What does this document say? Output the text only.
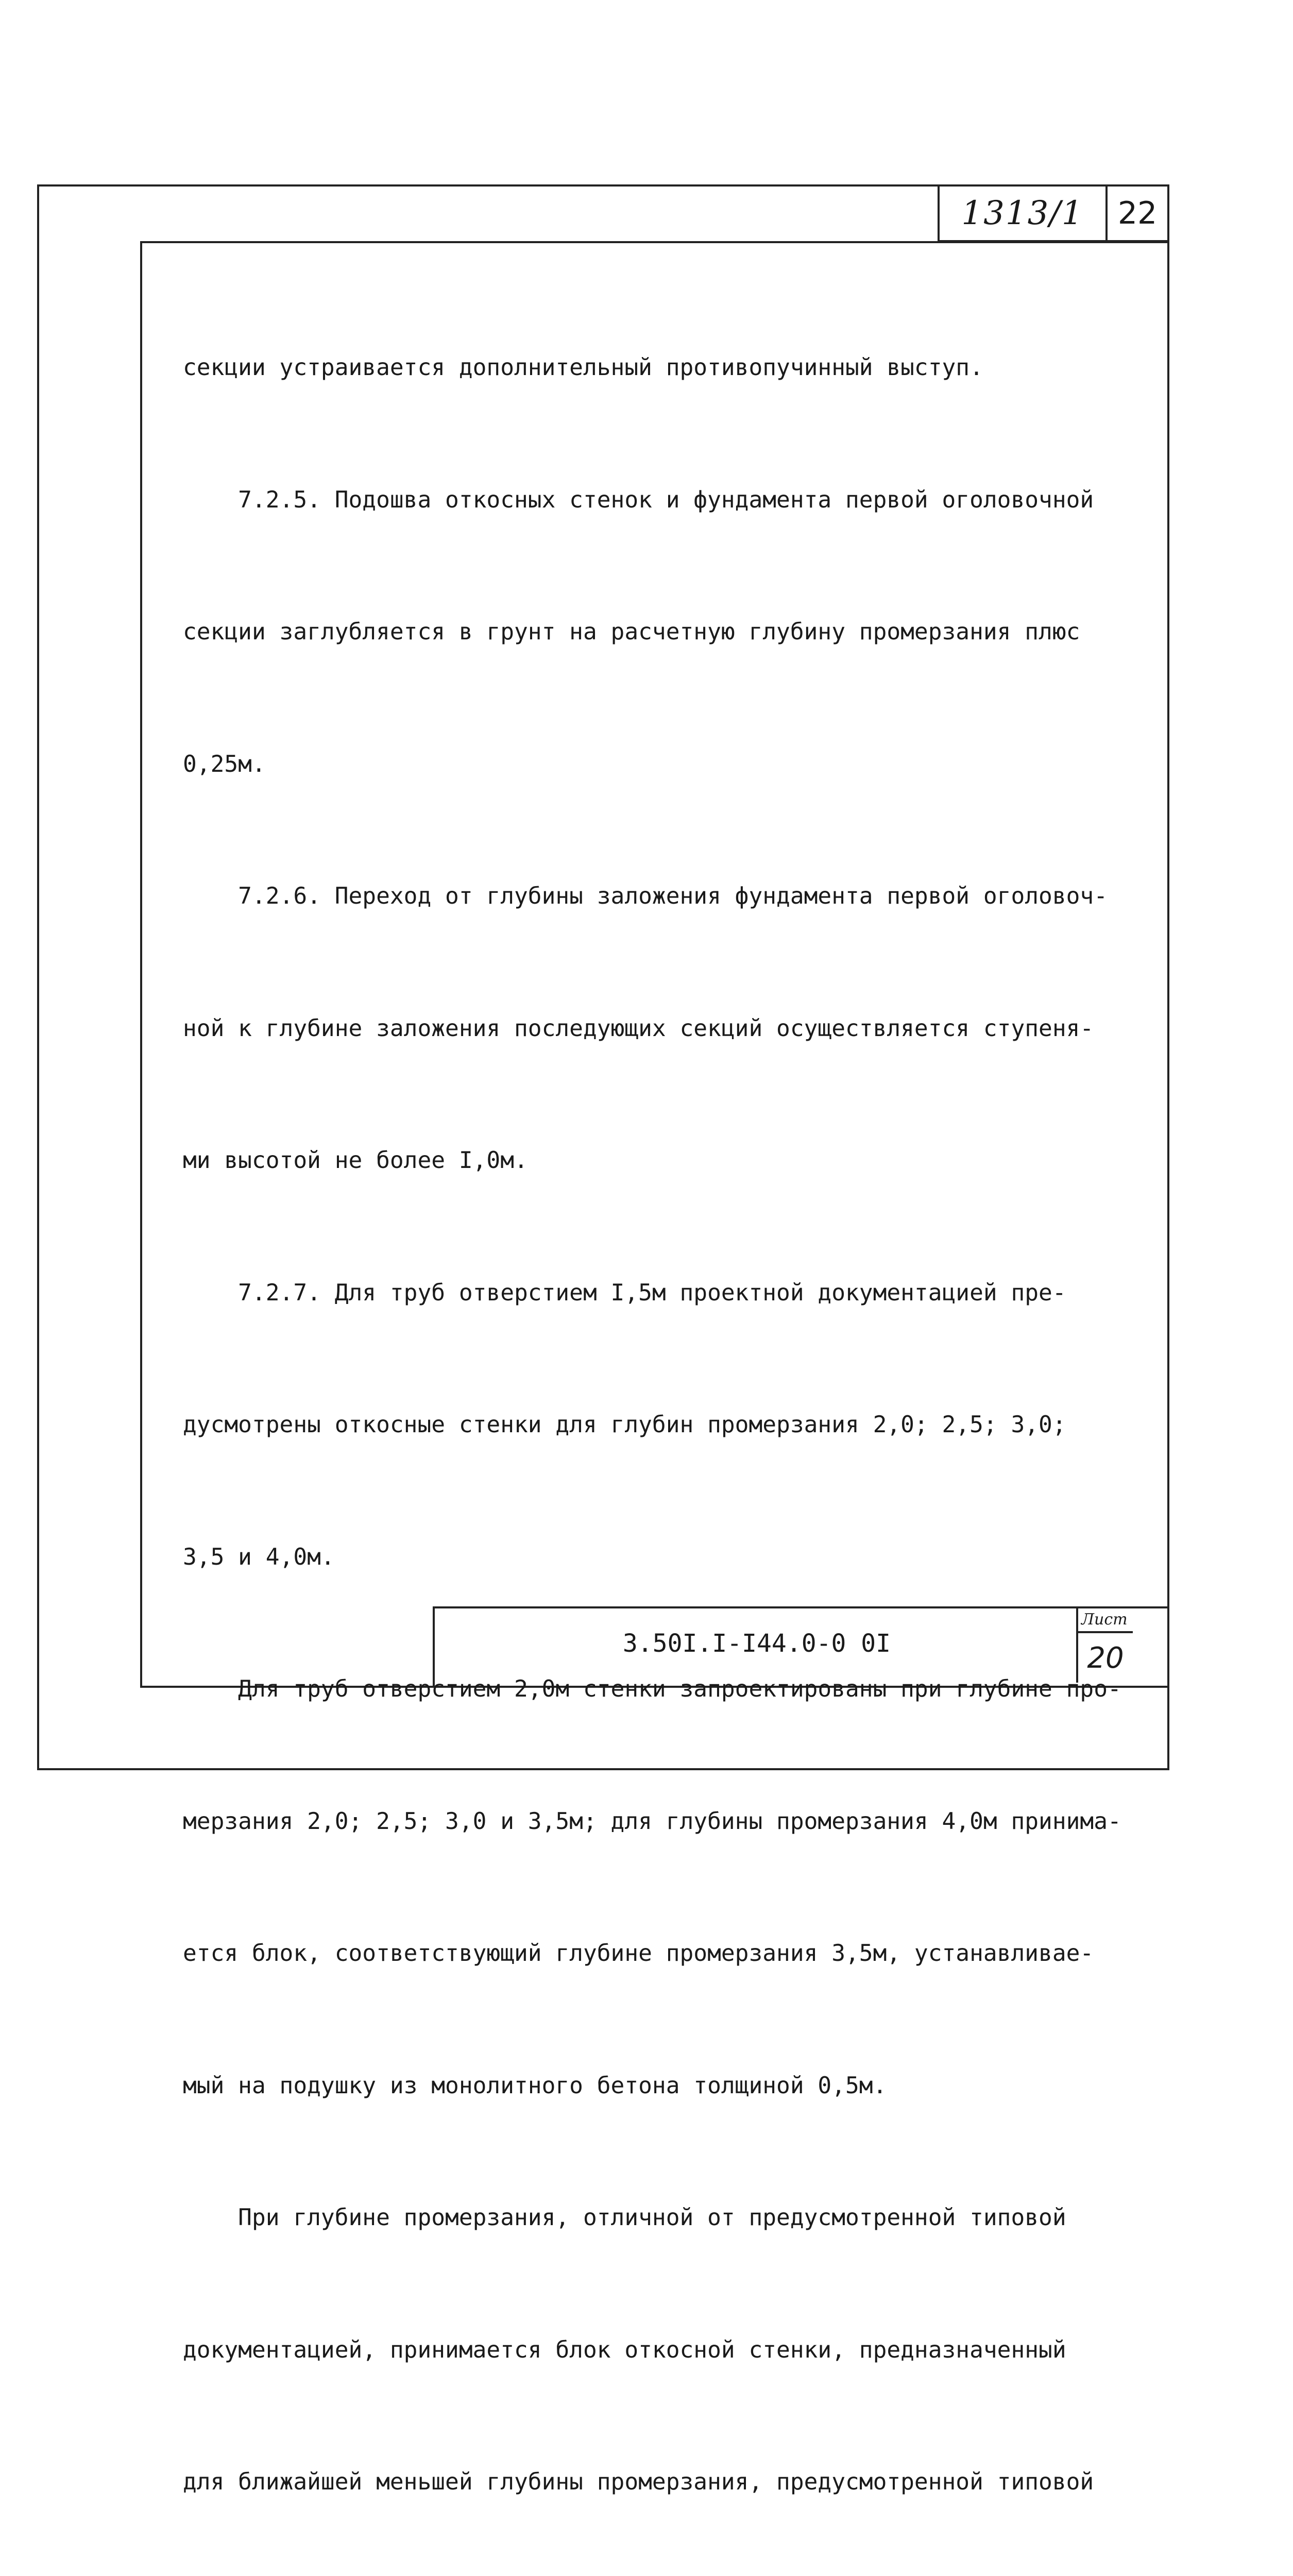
1313/1	22

секции устраивается дополнительный противопучинный выступ.

7.2.5. Подошва откосных стенок и фундамента первой оголовочной

секции заглубляется в грунт на расчетную глубину промерзания плюс

0,25м.

7.2.6. Переход от глубины заложения фундамента первой оголовоч-

ной к глубине заложения последующих секций осуществляется ступеня-

ми высотой не более I,0м.

7.2.7. Для труб отверстием I,5м проектной документацией пре-

дусмотрены откосные стенки для глубин промерзания 2,0; 2,5; 3,0;

3,5 и 4,0м.

Для труб отверстием 2,0м стенки запроектированы при глубине про-

мерзания 2,0; 2,5; 3,0 и 3,5м; для глубины промерзания 4,0м принима-

ется блок, соответствующий глубине промерзания 3,5м, устанавливае-

мый на подушку из монолитного бетона толщиной 0,5м.

При глубине промерзания, отличной от предусмотренной типовой

документацией, принимается блок откосной стенки, предназначенный

для ближайшей меньшей глубины промерзания, предусмотренной типовой

3.50I.I-I44.0-0 0I
Лист
20
